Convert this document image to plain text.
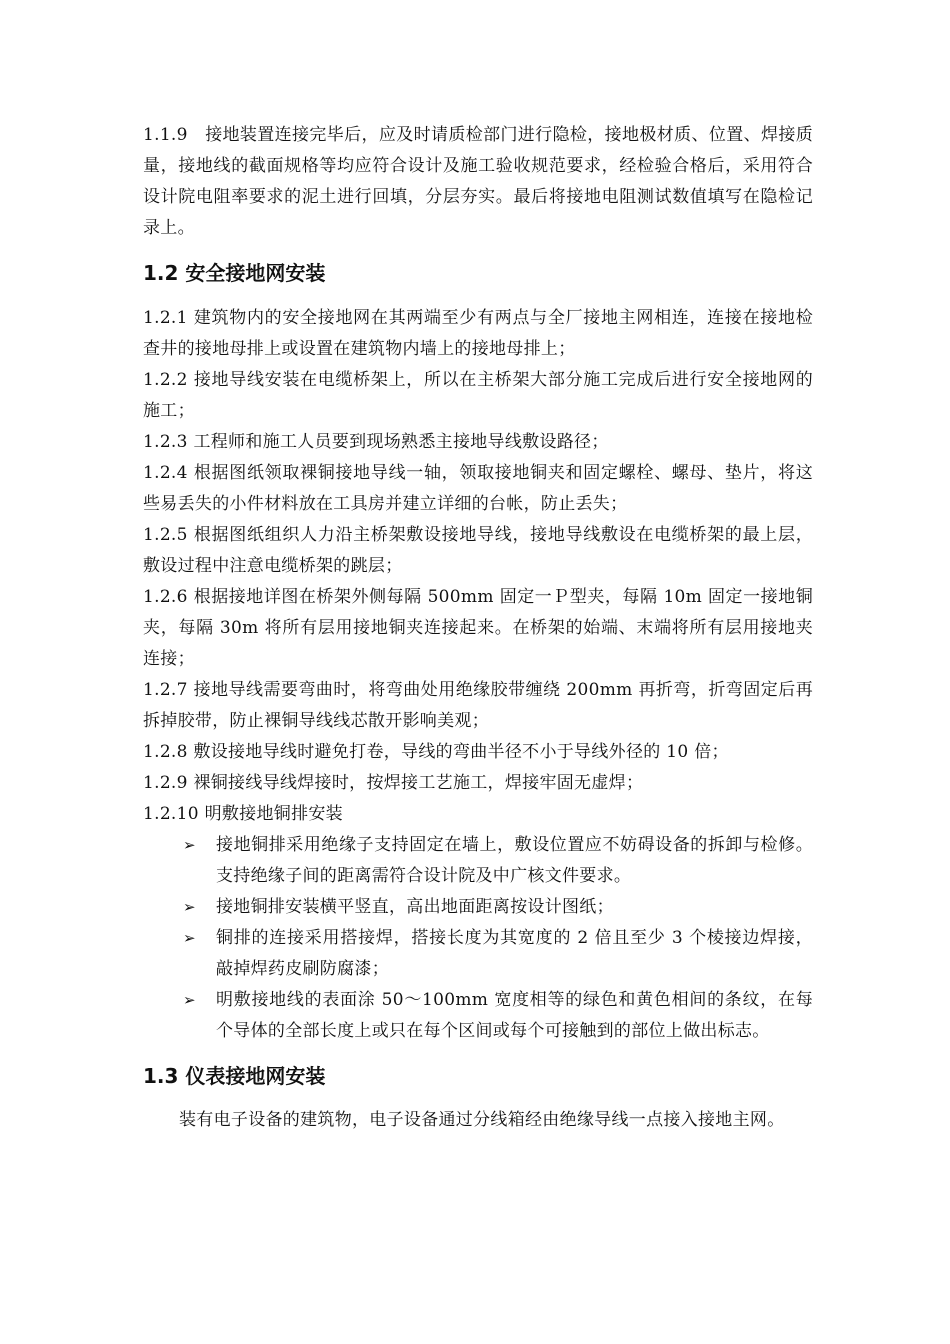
1.1.9　接地装置连接完毕后，应及时请质检部门进行隐检，接地极材质、位置、焊接质量，接地线的截面规格等均应符合设计及施工验收规范要求，经检验合格后，采用符合设计院电阻率要求的泥土进行回填，分层夯实。最后将接地电阻测试数值填写在隐检记录上。

1.2 安全接地网安装

1.2.1 建筑物内的安全接地网在其两端至少有两点与全厂接地主网相连，连接在接地检查井的接地母排上或设置在建筑物内墙上的接地母排上；

1.2.2 接地导线安装在电缆桥架上，所以在主桥架大部分施工完成后进行安全接地网的施工；

1.2.3 工程师和施工人员要到现场熟悉主接地导线敷设路径；

1.2.4 根据图纸领取裸铜接地导线一轴，领取接地铜夹和固定螺栓、螺母、垫片，将这些易丢失的小件材料放在工具房并建立详细的台帐，防止丢失；

1.2.5 根据图纸组织人力沿主桥架敷设接地导线，接地导线敷设在电缆桥架的最上层，敷设过程中注意电缆桥架的跳层；

1.2.6 根据接地详图在桥架外侧每隔 500mm 固定一Ｐ型夹，每隔 10m 固定一接地铜夹，每隔 30m 将所有层用接地铜夹连接起来。在桥架的始端、末端将所有层用接地夹连接；

1.2.7 接地导线需要弯曲时，将弯曲处用绝缘胶带缠绕 200mm 再折弯，折弯固定后再拆掉胶带，防止裸铜导线线芯散开影响美观；

1.2.8 敷设接地导线时避免打卷，导线的弯曲半径不小于导线外径的 10 倍；

1.2.9 裸铜接线导线焊接时，按焊接工艺施工，焊接牢固无虚焊；

1.2.10 明敷接地铜排安装

➢ 接地铜排采用绝缘子支持固定在墙上，敷设位置应不妨碍设备的拆卸与检修。支持绝缘子间的距离需符合设计院及中广核文件要求。
➢ 接地铜排安装横平竖直，高出地面距离按设计图纸；
➢ 铜排的连接采用搭接焊，搭接长度为其宽度的 2 倍且至少 3 个棱接边焊接，敲掉焊药皮刷防腐漆；
➢ 明敷接地线的表面涂 50～100mm 宽度相等的绿色和黄色相间的条纹，在每个导体的全部长度上或只在每个区间或每个可接触到的部位上做出标志。
1.3 仪表接地网安装

装有电子设备的建筑物，电子设备通过分线箱经由绝缘导线一点接入接地主网。
